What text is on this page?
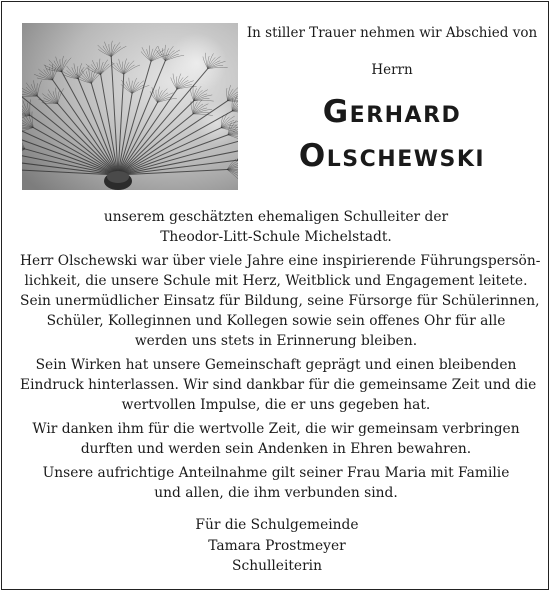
In stiller Trauer nehmen wir Abschied von
Herrn
Gerhard
Olschewski
unserem geschätzten ehemaligen Schulleiter der
Theodor-Litt-Schule Michelstadt.
Herr Olschewski war über viele Jahre eine inspirierende Führungspersön-
lichkeit, die unsere Schule mit Herz, Weitblick und Engagement leitete.
Sein unermüdlicher Einsatz für Bildung, seine Fürsorge für Schülerinnen,
Schüler, Kolleginnen und Kollegen sowie sein offenes Ohr für alle
werden uns stets in Erinnerung bleiben.
Sein Wirken hat unsere Gemeinschaft geprägt und einen bleibenden
Eindruck hinterlassen. Wir sind dankbar für die gemeinsame Zeit und die
wertvollen Impulse, die er uns gegeben hat.
Wir danken ihm für die wertvolle Zeit, die wir gemeinsam verbringen
durften und werden sein Andenken in Ehren bewahren.
Unsere aufrichtige Anteilnahme gilt seiner Frau Maria mit Familie
und allen, die ihm verbunden sind.
Für die Schulgemeinde
Tamara Prostmeyer
Schulleiterin
